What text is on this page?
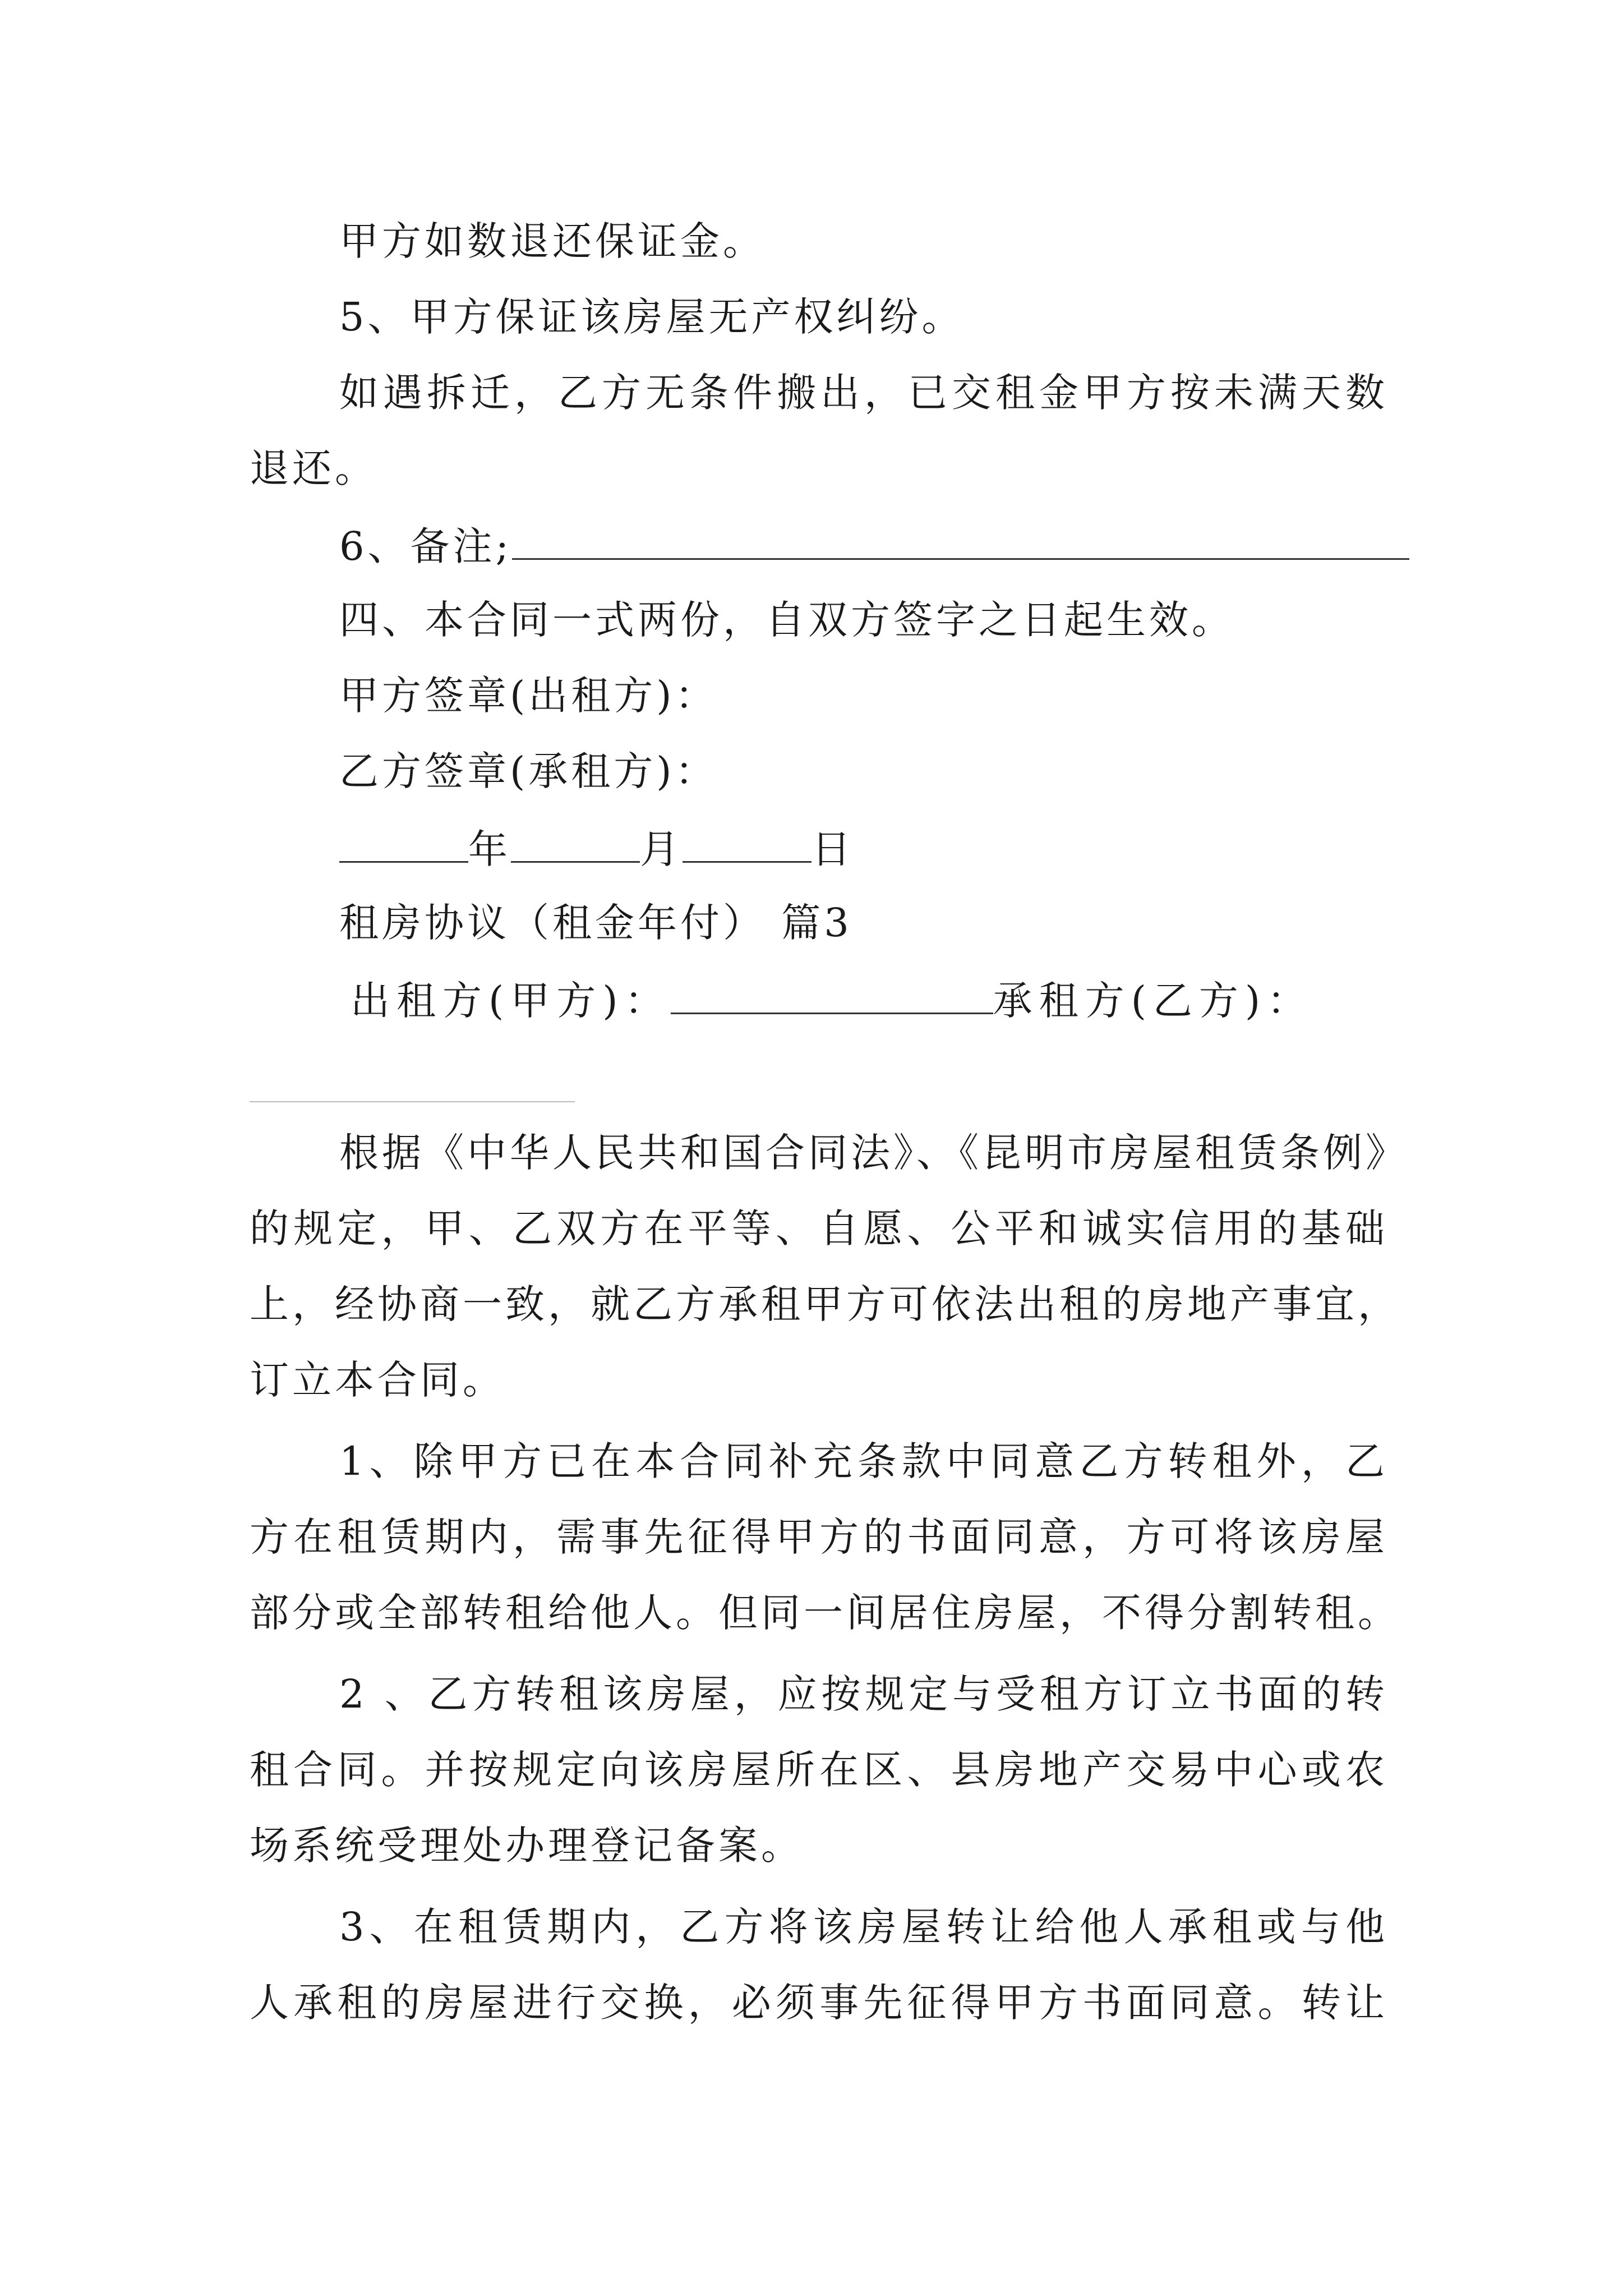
甲方如数退还保证金。
5、甲方保证该房屋无产权纠纷。
如遇拆迁，乙方无条件搬出，已交租金甲方按未满天数
退还。
6、备注;
四、本合同一式两份，自双方签字之日起生效。
甲方签章(出租方)：
乙方签章(承租方)：
年	月	日
租房协议（租金年付） 篇3
出租方(甲方)：	承租方(乙方)：
根据《中华人民共和国合同法》、《昆明市房屋租赁条例》
的规定，甲、乙双方在平等、自愿、公平和诚实信用的基础
上，经协商一致，就乙方承租甲方可依法出租的房地产事宜，
订立本合同。
1、除甲方已在本合同补充条款中同意乙方转租外，乙
方在租赁期内，需事先征得甲方的书面同意，方可将该房屋
部分或全部转租给他人。但同一间居住房屋，不得分割转租。
2 、乙方转租该房屋，应按规定与受租方订立书面的转
租合同。并按规定向该房屋所在区、县房地产交易中心或农
场系统受理处办理登记备案。
3、在租赁期内，乙方将该房屋转让给他人承租或与他
人承租的房屋进行交换，必须事先征得甲方书面同意。转让
